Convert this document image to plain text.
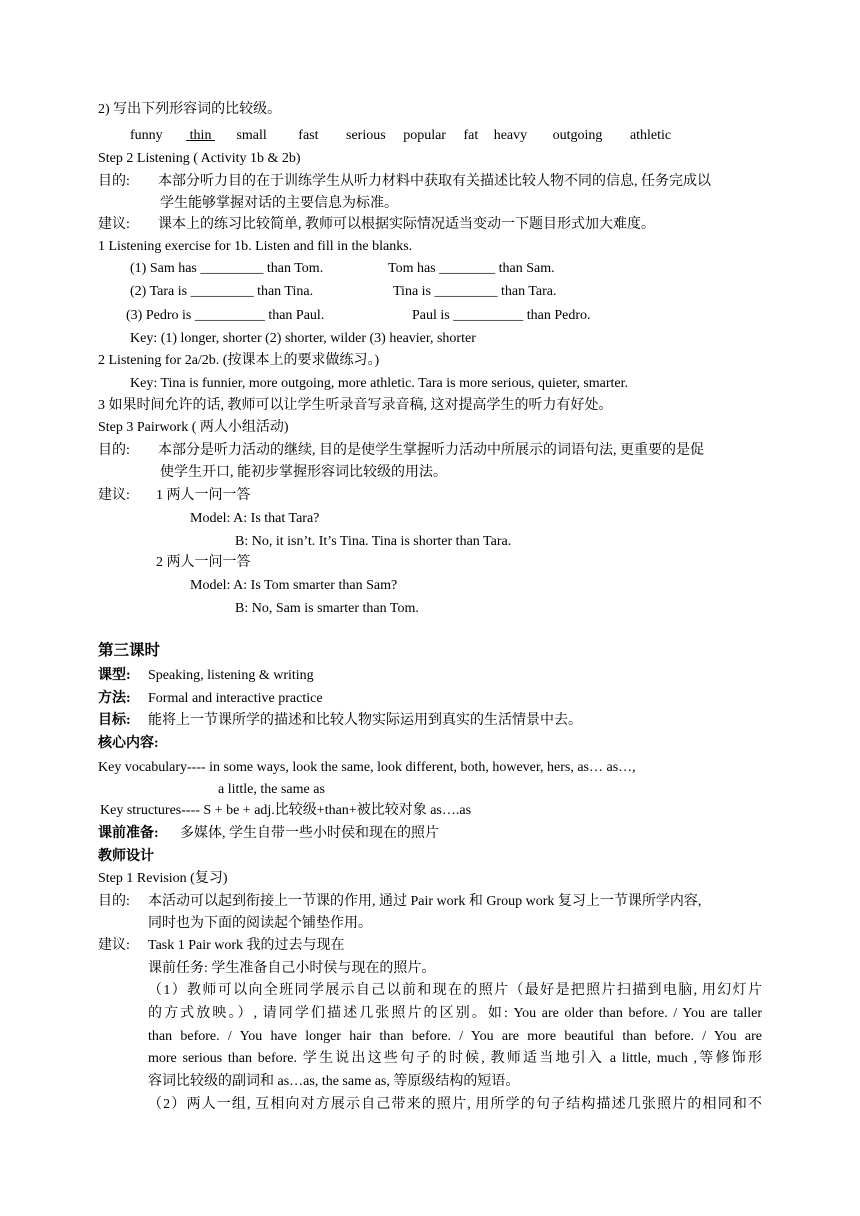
2) 写出下列形容词的比较级。
funny thin small fast serious popular fat heavy outgoing athletic
Step 2 Listening ( Activity 1b & 2b)
目的: 本部分听力目的在于训练学生从听力材料中获取有关描述比较人物不同的信息, 任务完成以
学生能够掌握对话的主要信息为标准。
建议: 课本上的练习比较简单, 教师可以根据实际情况适当变动一下题目形式加大难度。
1 Listening exercise for 1b. Listen and fill in the blanks.
(1) Sam has _________ than Tom.	Tom has ________ than Sam.
(2) Tara is _________ than Tina.	Tina is _________ than Tara.
(3) Pedro is __________ than Paul.	Paul is __________ than Pedro.
Key: (1) longer, shorter (2) shorter, wilder (3) heavier, shorter
2 Listening for 2a/2b. (按课本上的要求做练习。)
Key: Tina is funnier, more outgoing, more athletic. Tara is more serious, quieter, smarter.
3 如果时间允许的话, 教师可以让学生听录音写录音稿, 这对提高学生的听力有好处。
Step 3 Pairwork ( 两人小组活动)
目的: 本部分是听力活动的继续, 目的是使学生掌握听力活动中所展示的词语句法, 更重要的是促
使学生开口, 能初步掌握形容词比较级的用法。
建议: 1 两人一问一答
Model: A: Is that Tara?
B: No, it isn’t. It’s Tina. Tina is shorter than Tara.
2 两人一问一答
Model: A: Is Tom smarter than Sam?
B: No, Sam is smarter than Tom.
第三课时
课型: Speaking, listening & writing
方法: Formal and interactive practice
目标: 能将上一节课所学的描述和比较人物实际运用到真实的生活情景中去。
核心内容:
Key vocabulary---- in some ways, look the same, look different, both, however, hers, as… as…,
a little, the same as
Key structures---- S + be + adj.比较级+than+被比较对象 as….as
课前准备: 多媒体, 学生自带一些小时侯和现在的照片
教师设计
Step 1 Revision (复习)
目的: 本活动可以起到衔接上一节课的作用, 通过 Pair work 和 Group work 复习上一节课所学内容,
同时也为下面的阅读起个铺垫作用。
建议: Task 1 Pair work 我的过去与现在
课前任务: 学生准备自己小时侯与现在的照片。
（1）教师可以向全班同学展示自己以前和现在的照片（最好是把照片扫描到电脑, 用幻灯片
的方式放映。）, 请同学们描述几张照片的区别。如: You are older than before. / You are taller
than before. / You have longer hair than before. / You are more beautiful than before. / You are
more serious than before. 学生说出这些句子的时候, 教师适当地引入 a little, much ,等修饰形
容词比较级的副词和 as…as, the same as, 等原级结构的短语。
（2）两人一组, 互相向对方展示自己带来的照片, 用所学的句子结构描述几张照片的相同和不
